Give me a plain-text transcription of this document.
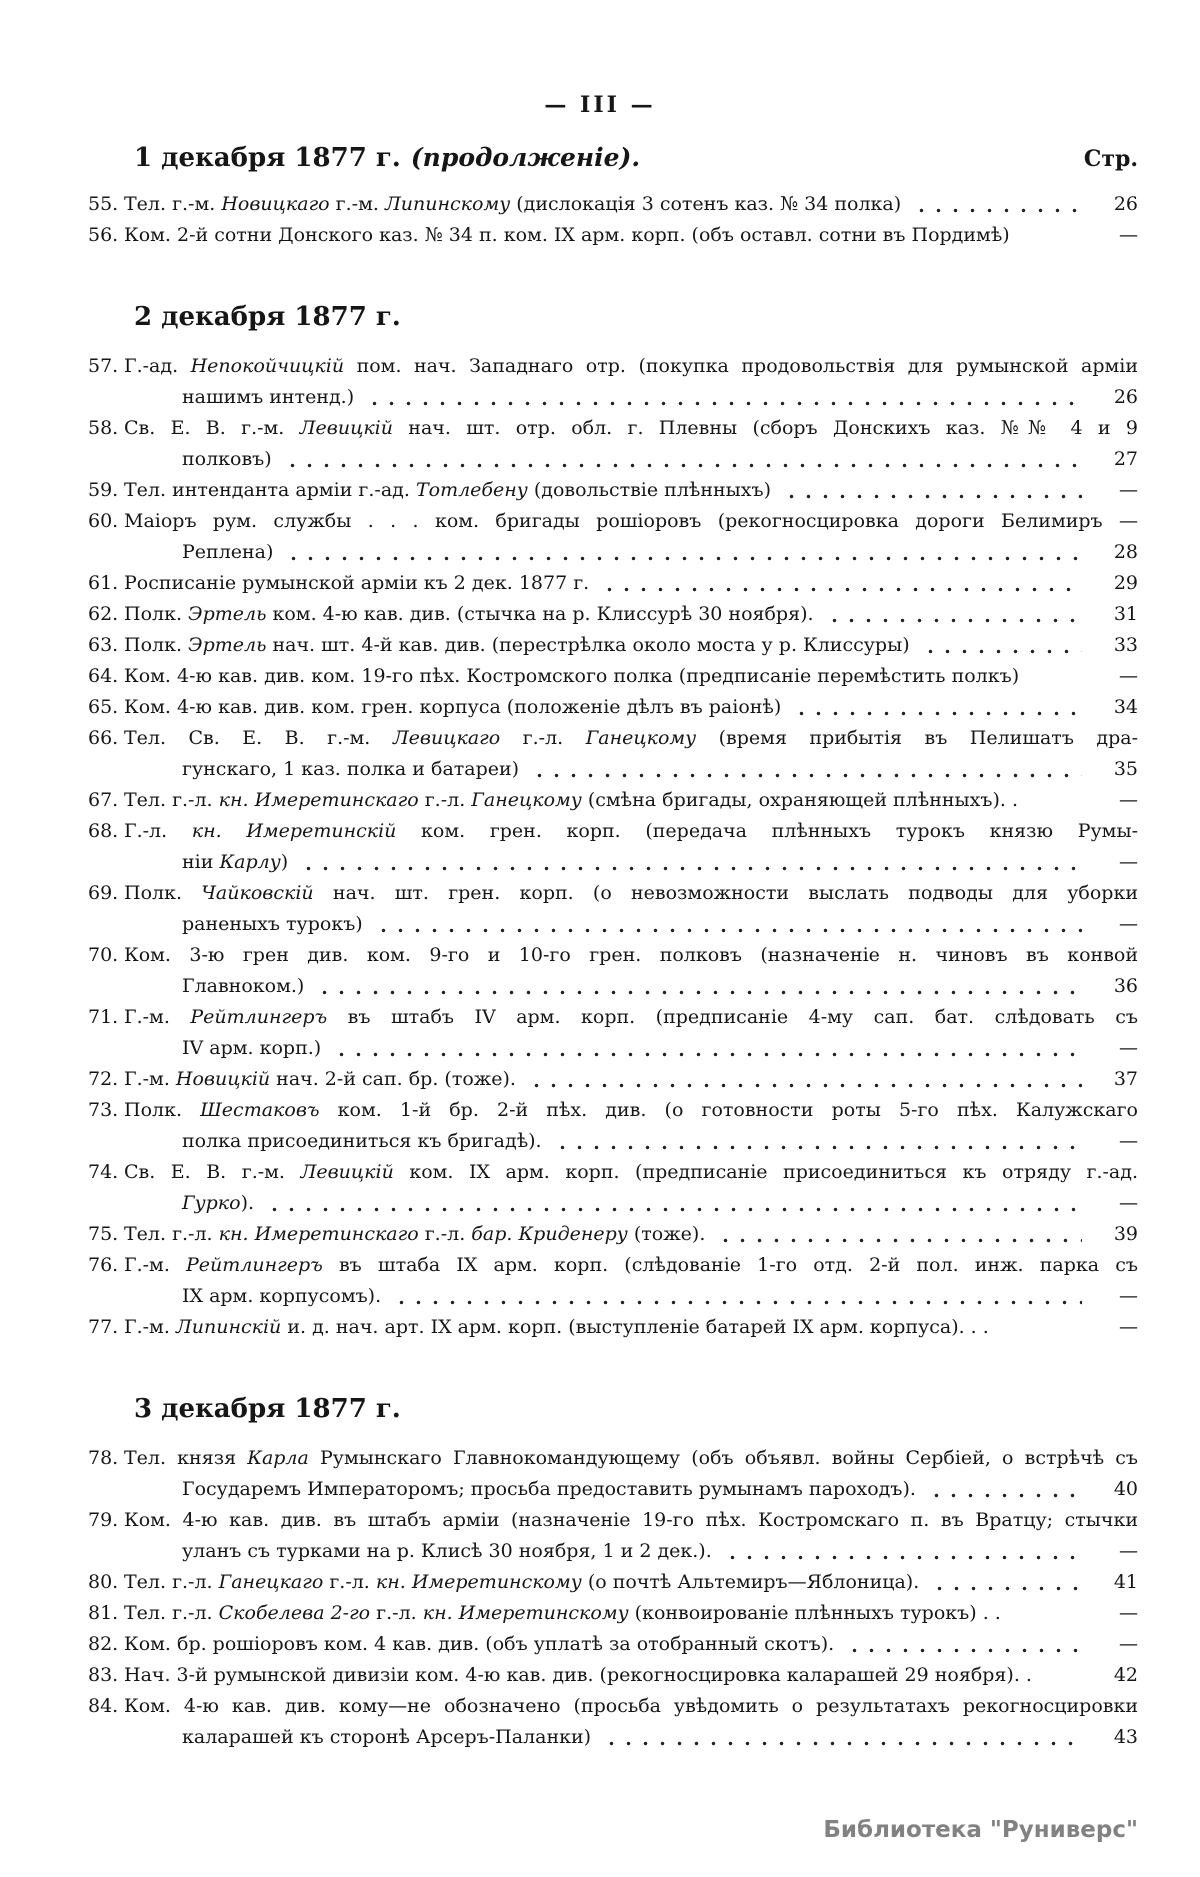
— III —
1 декабря 1877 г. (продолженіе).	Стр.
55. Тел. г.-м. Новицкаго г.-м. Липинскому (дислокація 3 сотенъ каз. № 34 полка)	26
56. Ком. 2-й сотни Донского каз. № 34 п. ком. IX арм. корп. (объ оставл. сотни въ Пордимѣ)	—
2 декабря 1877 г.
57. Г.-ад. Непокойчицкій пом. нач. Западнаго отр. (покупка продовольствія для румынской арміи
нашимъ интенд.)	26
58. Св. Е. В. г.-м. Левицкій нач. шт. отр. обл. г. Плевны (сборъ Донскихъ каз. №№ 4 и 9
полковъ)	27
59. Тел. интенданта арміи г.-ад. Тотлебену (довольствіе плѣнныхъ)	—
60. Маіоръ рум. службы . . . ком. бригады рошіоровъ (рекогносцировка дороги Белимиръ —
Реплена)	28
61. Росписаніе румынской арміи къ 2 дек. 1877 г.	29
62. Полк. Эртель ком. 4-ю кав. див. (стычка на р. Клиссурѣ 30 ноября).	31
63. Полк. Эртель нач. шт. 4-й кав. див. (перестрѣлка около моста у р. Клиссуры)	33
64. Ком. 4-ю кав. див. ком. 19-го пѣх. Костромского полка (предписаніе перемѣстить полкъ)	—
65. Ком. 4-ю кав. див. ком. грен. корпуса (положеніе дѣлъ въ раіонѣ)	34
66. Тел. Св. Е. В. г.-м. Левицкаго г.-л. Ганецкому (время прибытія въ Пелишатъ дра-
гунскаго, 1 каз. полка и батареи)	35
67. Тел. г.-л. кн. Имеретинскаго г.-л. Ганецкому (смѣна бригады, охраняющей плѣнныхъ). .	—
68. Г.-л. кн. Имеретинскій ком. грен. корп. (передача плѣнныхъ турокъ князю Румы-
ніи Карлу)	—
69. Полк. Чайковскій нач. шт. грен. корп. (о невозможности выслать подводы для уборки
раненыхъ турокъ)	—
70. Ком. 3-ю грен див. ком. 9-го и 10-го грен. полковъ (назначеніе н. чиновъ въ конвой
Главноком.)	36
71. Г.-м. Рейтлингеръ въ штабъ IV арм. корп. (предписаніе 4-му сап. бат. слѣдовать съ
IV арм. корп.)	—
72. Г.-м. Новицкій нач. 2-й сап. бр. (тоже).	37
73. Полк. Шестаковъ ком. 1-й бр. 2-й пѣх. див. (о готовности роты 5-го пѣх. Калужскаго
полка присоединиться къ бригадѣ).	—
74. Св. Е. В. г.-м. Левицкій ком. IX арм. корп. (предписаніе присоединиться къ отряду г.-ад.
Гурко).	—
75. Тел. г.-л. кн. Имеретинскаго г.-л. бар. Криденеру (тоже).	39
76. Г.-м. Рейтлингеръ въ штаба IX арм. корп. (слѣдованіе 1-го отд. 2-й пол. инж. парка съ
IX арм. корпусомъ).	—
77. Г.-м. Липинскій и. д. нач. арт. IX арм. корп. (выступленіе батарей IX арм. корпуса). . .	—
3 декабря 1877 г.
78. Тел. князя Карла Румынскаго Главнокомандующему (объ объявл. войны Сербіей, о встрѣчѣ съ
Государемъ Императоромъ; просьба предоставить румынамъ пароходъ).	40
79. Ком. 4-ю кав. див. въ штабъ арміи (назначеніе 19-го пѣх. Костромскаго п. въ Вратцу; стычки
уланъ съ турками на р. Клисѣ 30 ноября, 1 и 2 дек.).	—
80. Тел. г.-л. Ганецкаго г.-л. кн. Имеретинскому (о почтѣ Альтемиръ—Яблоница).	41
81. Тел. г.-л. Скобелева 2-го г.-л. кн. Имеретинскому (конвоированіе плѣнныхъ турокъ) . .	—
82. Ком. бр. рошіоровъ ком. 4 кав. див. (объ уплатѣ за отобранный скотъ).	—
83. Нач. 3-й румынской дивизіи ком. 4-ю кав. див. (рекогносцировка каларашей 29 ноября). .	42
84. Ком. 4-ю кав. див. кому—не обозначено (просьба увѣдомить о результатахъ рекогносцировки
каларашей къ сторонѣ Арсеръ-Паланки)	43
Библиотека "Руниверс"
